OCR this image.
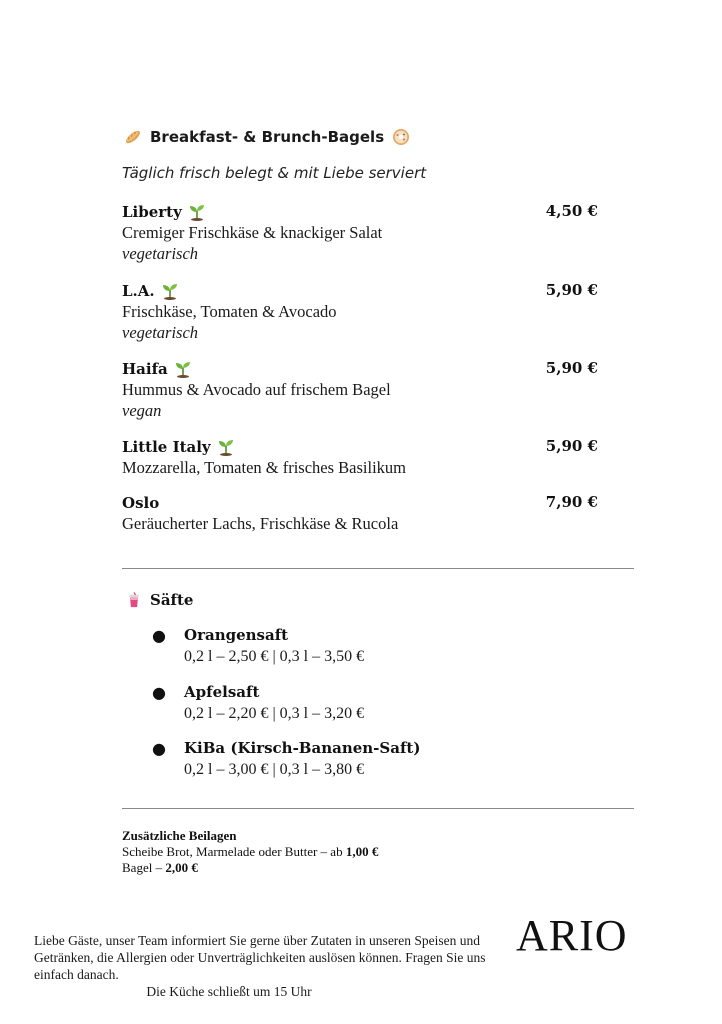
Breakfast- & Brunch-Bagels
Täglich frisch belegt & mit Liebe serviert
Liberty	4,50 €
Cremiger Frischkäse & knackiger Salat
vegetarisch
L.A.	5,90 €
Frischkäse, Tomaten & Avocado
vegetarisch
Haifa	5,90 €
Hummus & Avocado auf frischem Bagel
vegan
Little Italy	5,90 €
Mozzarella, Tomaten & frisches Basilikum
Oslo	7,90 €
Geräucherter Lachs, Frischkäse & Rucola
Säfte
● Orangensaft
0,2 l – 2,50 € | 0,3 l – 3,50 €
● Apfelsaft
0,2 l – 2,20 € | 0,3 l – 3,20 €
● KiBa (Kirsch-Bananen-Saft)
0,2 l – 3,00 € | 0,3 l – 3,80 €
Zusätzliche Beilagen
Scheibe Brot, Marmelade oder Butter – ab 1,00 €
Bagel – 2,00 €
Liebe Gäste, unser Team informiert Sie gerne über Zutaten in unseren Speisen und Getränken, die Allergien oder Unverträglichkeiten auslösen können. Fragen Sie uns einfach danach.
Die Küche schließt um 15 Uhr
ARIO
